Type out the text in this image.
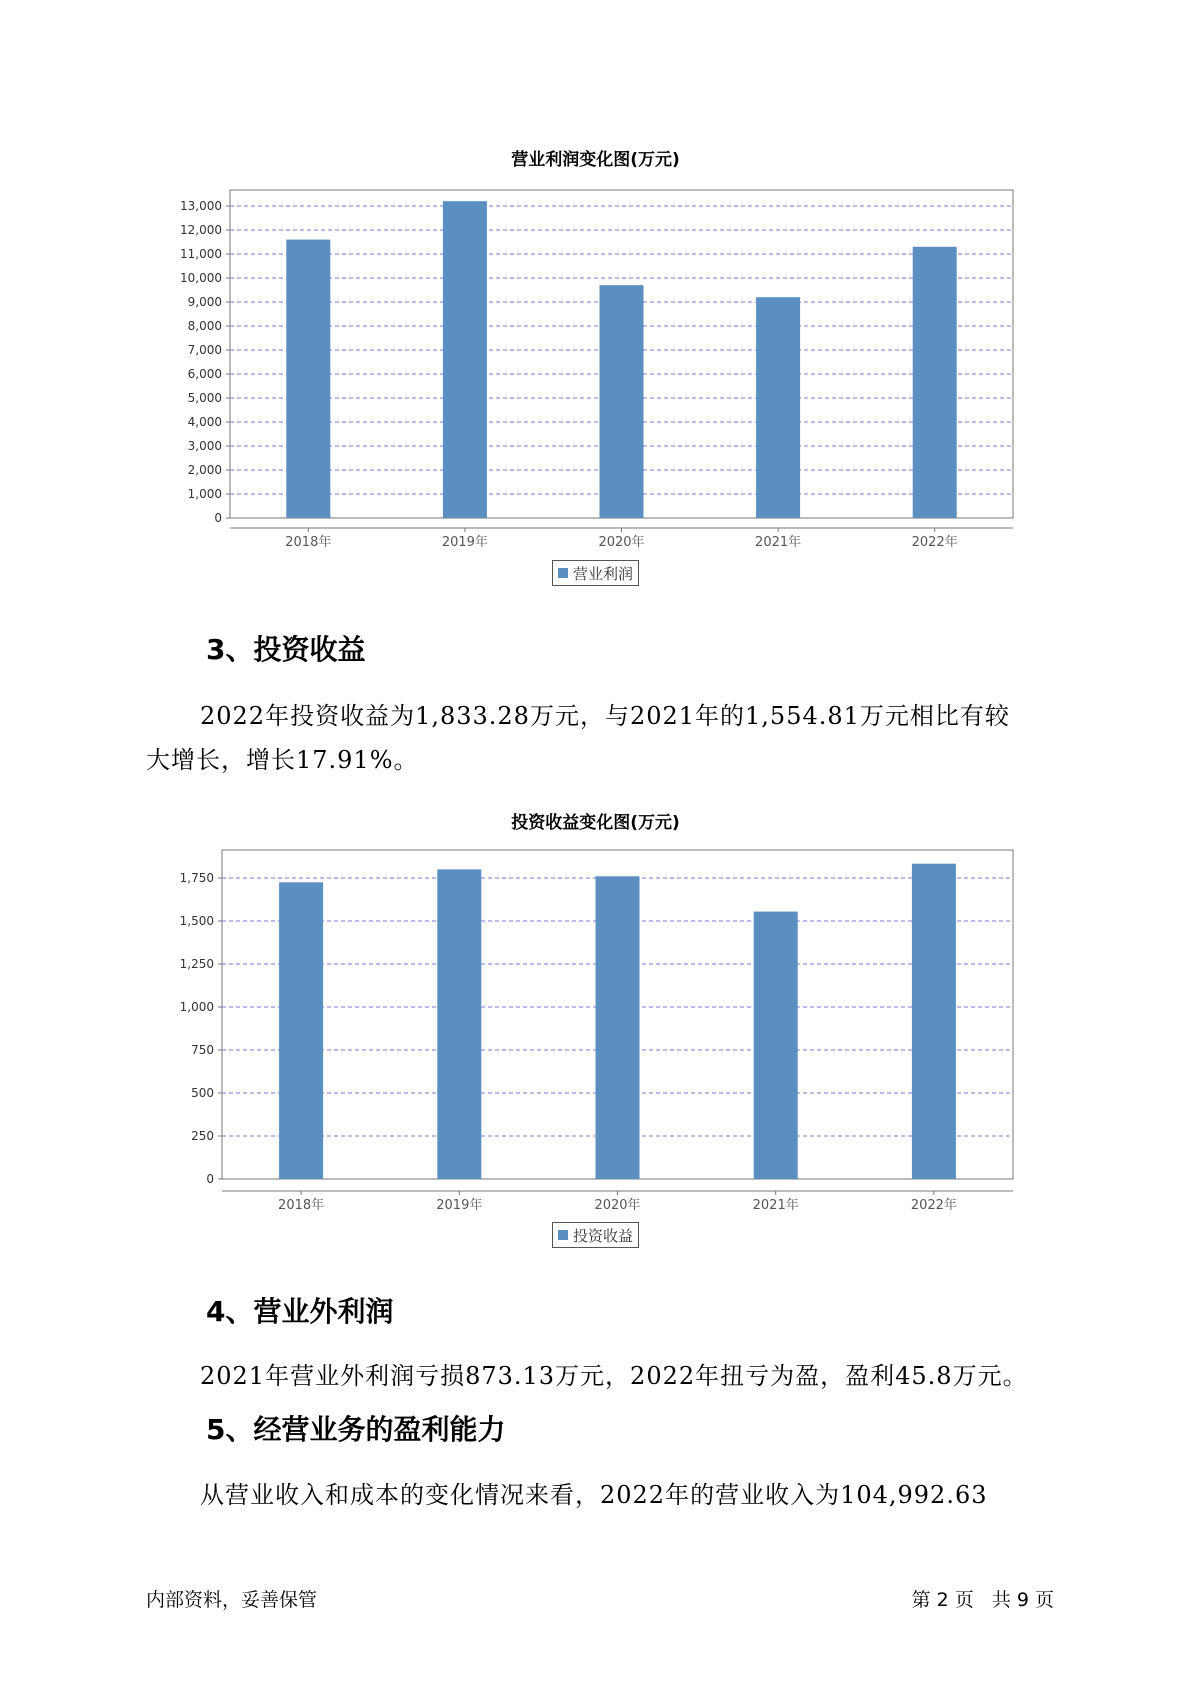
营业利润变化图(万元)
0
1,000
2,000
3,000
4,000
5,000
6,000
7,000
8,000
9,000
10,000
11,000
12,000
13,000
2018年	2019年	2020年	2021年	2022年
营业利润
3、投资收益
2022年投资收益为1,833.28万元，与2021年的1,554.81万元相比有较
大增长，增长17.91%。
投资收益变化图(万元)
0
250
500
750
1,000
1,250
1,500
1,750
2018年	2019年	2020年	2021年	2022年
投资收益
4、营业外利润
2021年营业外利润亏损873.13万元，2022年扭亏为盈，盈利45.8万元。
5、经营业务的盈利能力
从营业收入和成本的变化情况来看，2022年的营业收入为104,992.63
内部资料，妥善保管	第 2 页   共 9 页
